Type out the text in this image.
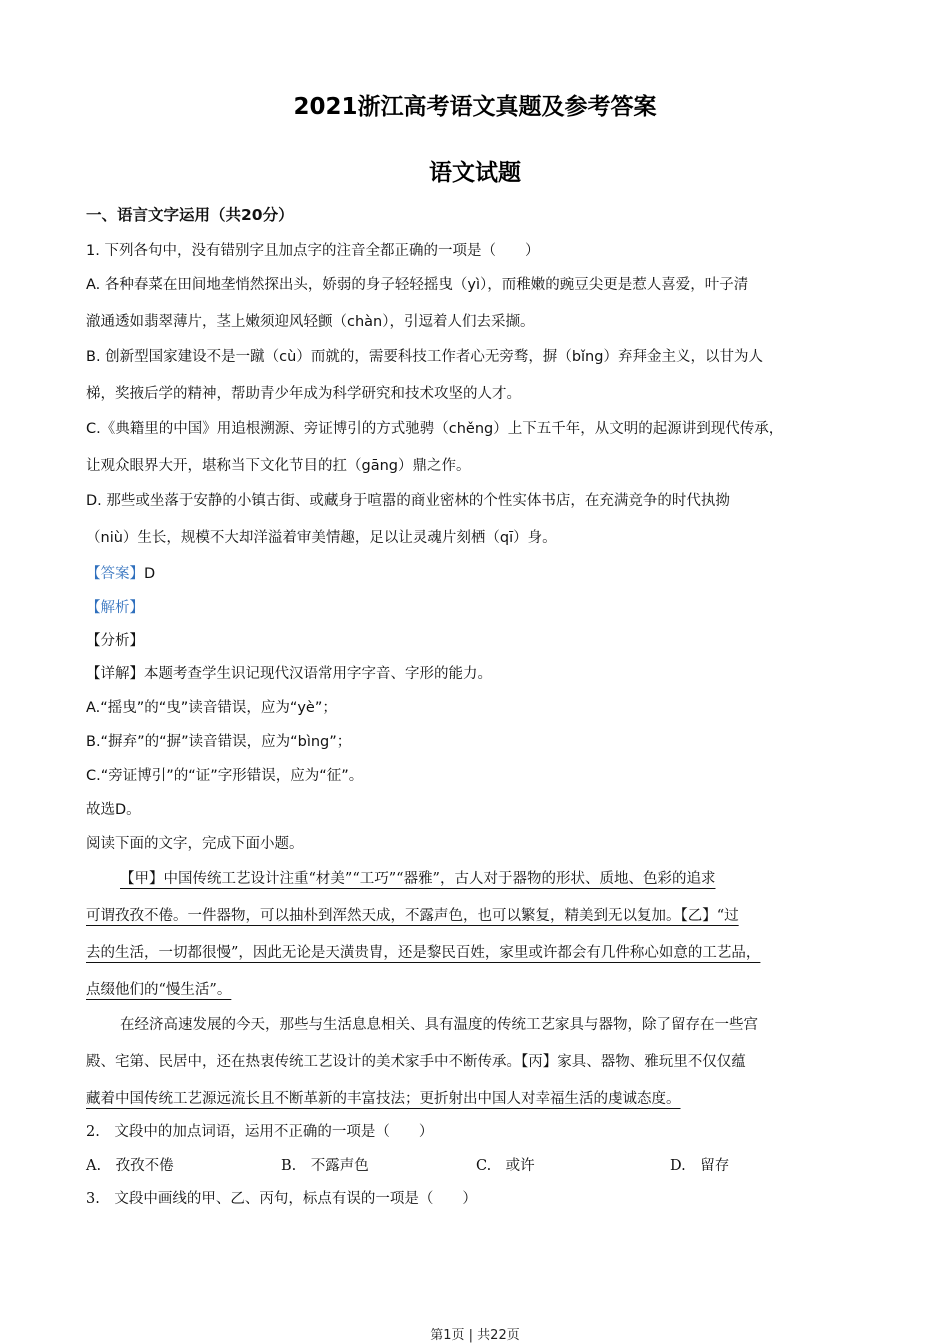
2021浙江高考语文真题及参考答案
语文试题
一、语言文字运用（共20分）
1. 下列各句中，没有错别字且加点字的注音全都正确的一项是（　　）
A. 各种春菜在田间地垄悄然探出头，娇弱的身子轻轻摇曳（yì），而稚嫩的豌豆尖更是惹人喜爱，叶子清
澈通透如翡翠薄片，茎上嫩须迎风轻颤（chàn），引逗着人们去采撷。
B. 创新型国家建设不是一蹴（cù）而就的，需要科技工作者心无旁骛，摒（bǐng）弃拜金主义，以甘为人
梯，奖掖后学的精神，帮助青少年成为科学研究和技术攻坚的人才。
C.《典籍里的中国》用追根溯源、旁证博引的方式驰骋（chěng）上下五千年，从文明的起源讲到现代传承，
让观众眼界大开，堪称当下文化节目的扛（gāng）鼎之作。
D. 那些或坐落于安静的小镇古街、或藏身于喧嚣的商业密林的个性实体书店，在充满竞争的时代执拗
（niù）生长，规模不大却洋溢着审美情趣，足以让灵魂片刻栖（qī）身。
【答案】D
【解析】
【分析】
【详解】本题考查学生识记现代汉语常用字字音、字形的能力。
A.“摇曳”的“曳”读音错误，应为“yè”；
B.“摒弃”的“摒”读音错误，应为“bìng”；
C.“旁证博引”的“证”字形错误，应为“征”。
故选D。
阅读下面的文字，完成下面小题。
【甲】中国传统工艺设计注重“材美”“工巧”“器雅”，古人对于器物的形状、质地、色彩的追求
可谓孜孜不倦。一件器物，可以抽朴到浑然天成，不露声色，也可以繁复，精美到无以复加。【乙】“过
去的生活，一切都很慢”，因此无论是天潢贵胄，还是黎民百姓，家里或许都会有几件称心如意的工艺品，
点缀他们的“慢生活”。
在经济高速发展的今天，那些与生活息息相关、具有温度的传统工艺家具与器物，除了留存在一些宫
殿、宅第、民居中，还在热衷传统工艺设计的美术家手中不断传承。【丙】家具、器物、雅玩里不仅仅蕴
藏着中国传统工艺源远流长且不断革新的丰富技法；更折射出中国人对幸福生活的虔诚态度。
2.　文段中的加点词语，运用不正确的一项是（　　）
A.　孜孜不倦	B.　不露声色	C.　或许	D.　留存
3.　文段中画线的甲、乙、丙句，标点有误的一项是（　　）
第1页 | 共22页
